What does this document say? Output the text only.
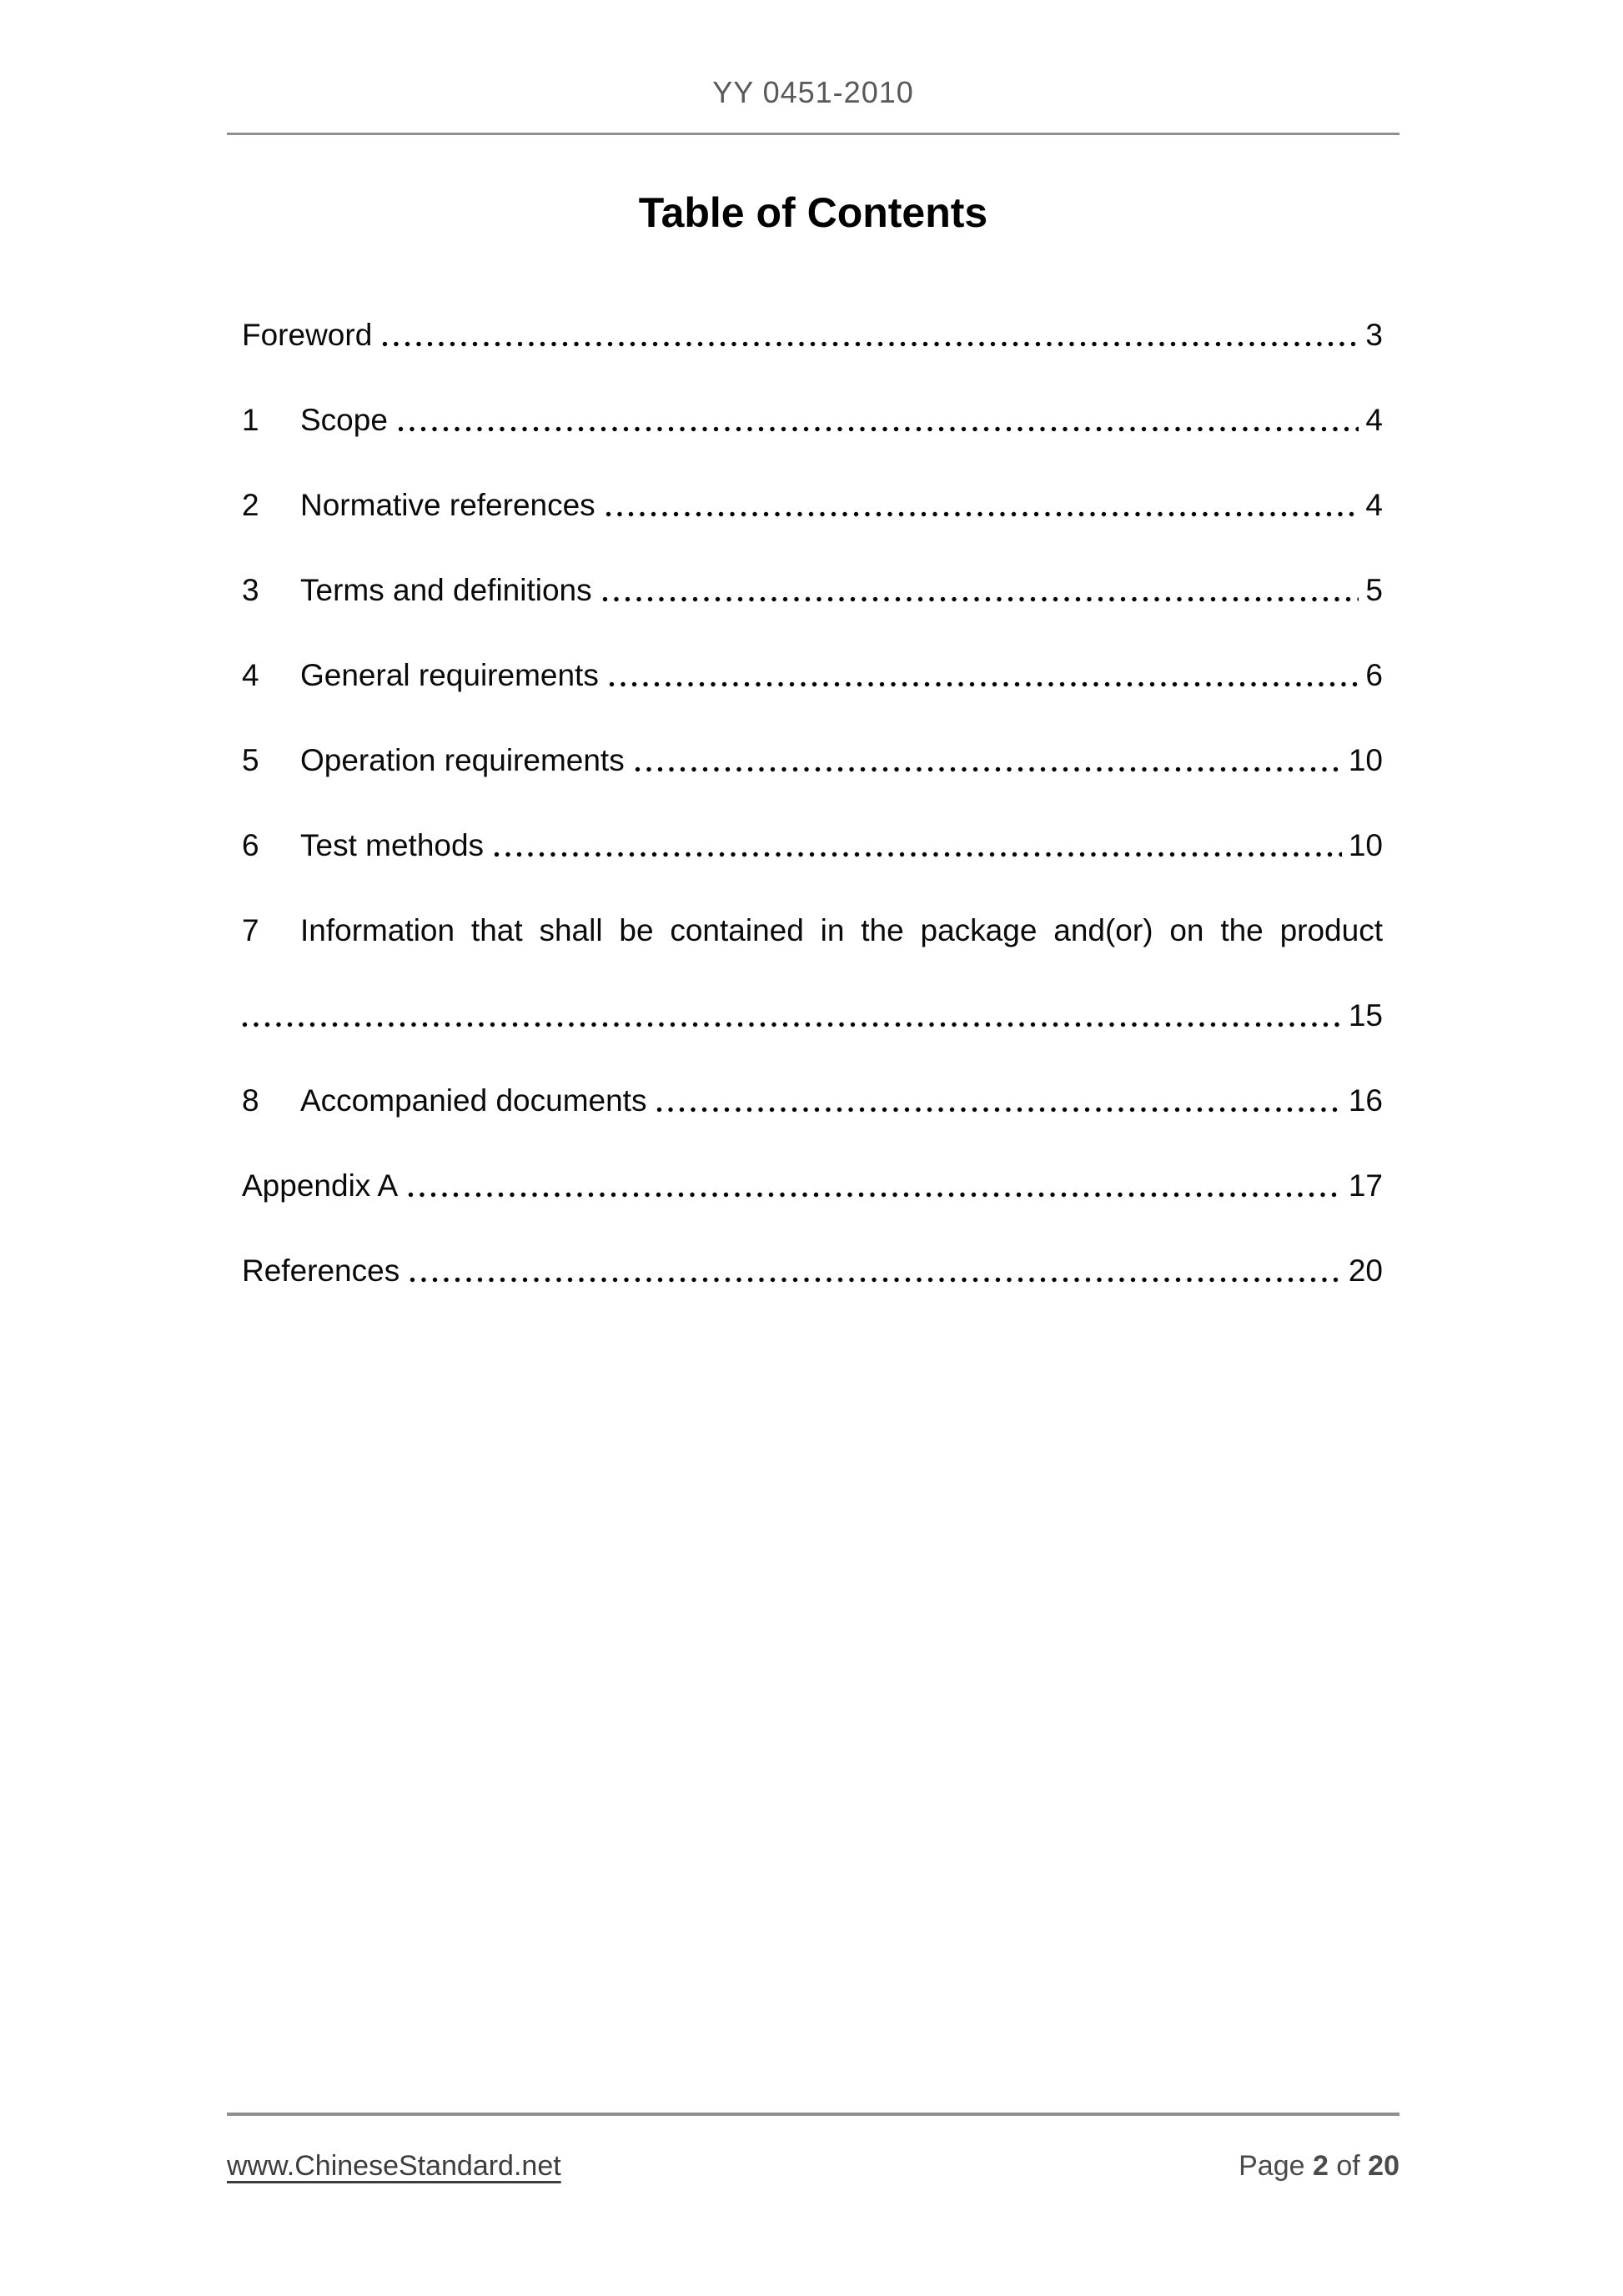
YY 0451-2010
Table of Contents
Foreword	3
1	Scope	4
2	Normative references	4
3	Terms and definitions	5
4	General requirements	6
5	Operation requirements	10
6	Test methods	10
7	Information that shall be contained in the package and(or) on the product
15
8	Accompanied documents	16
Appendix A	17
References	20
www.ChineseStandard.net	Page 2 of 20
